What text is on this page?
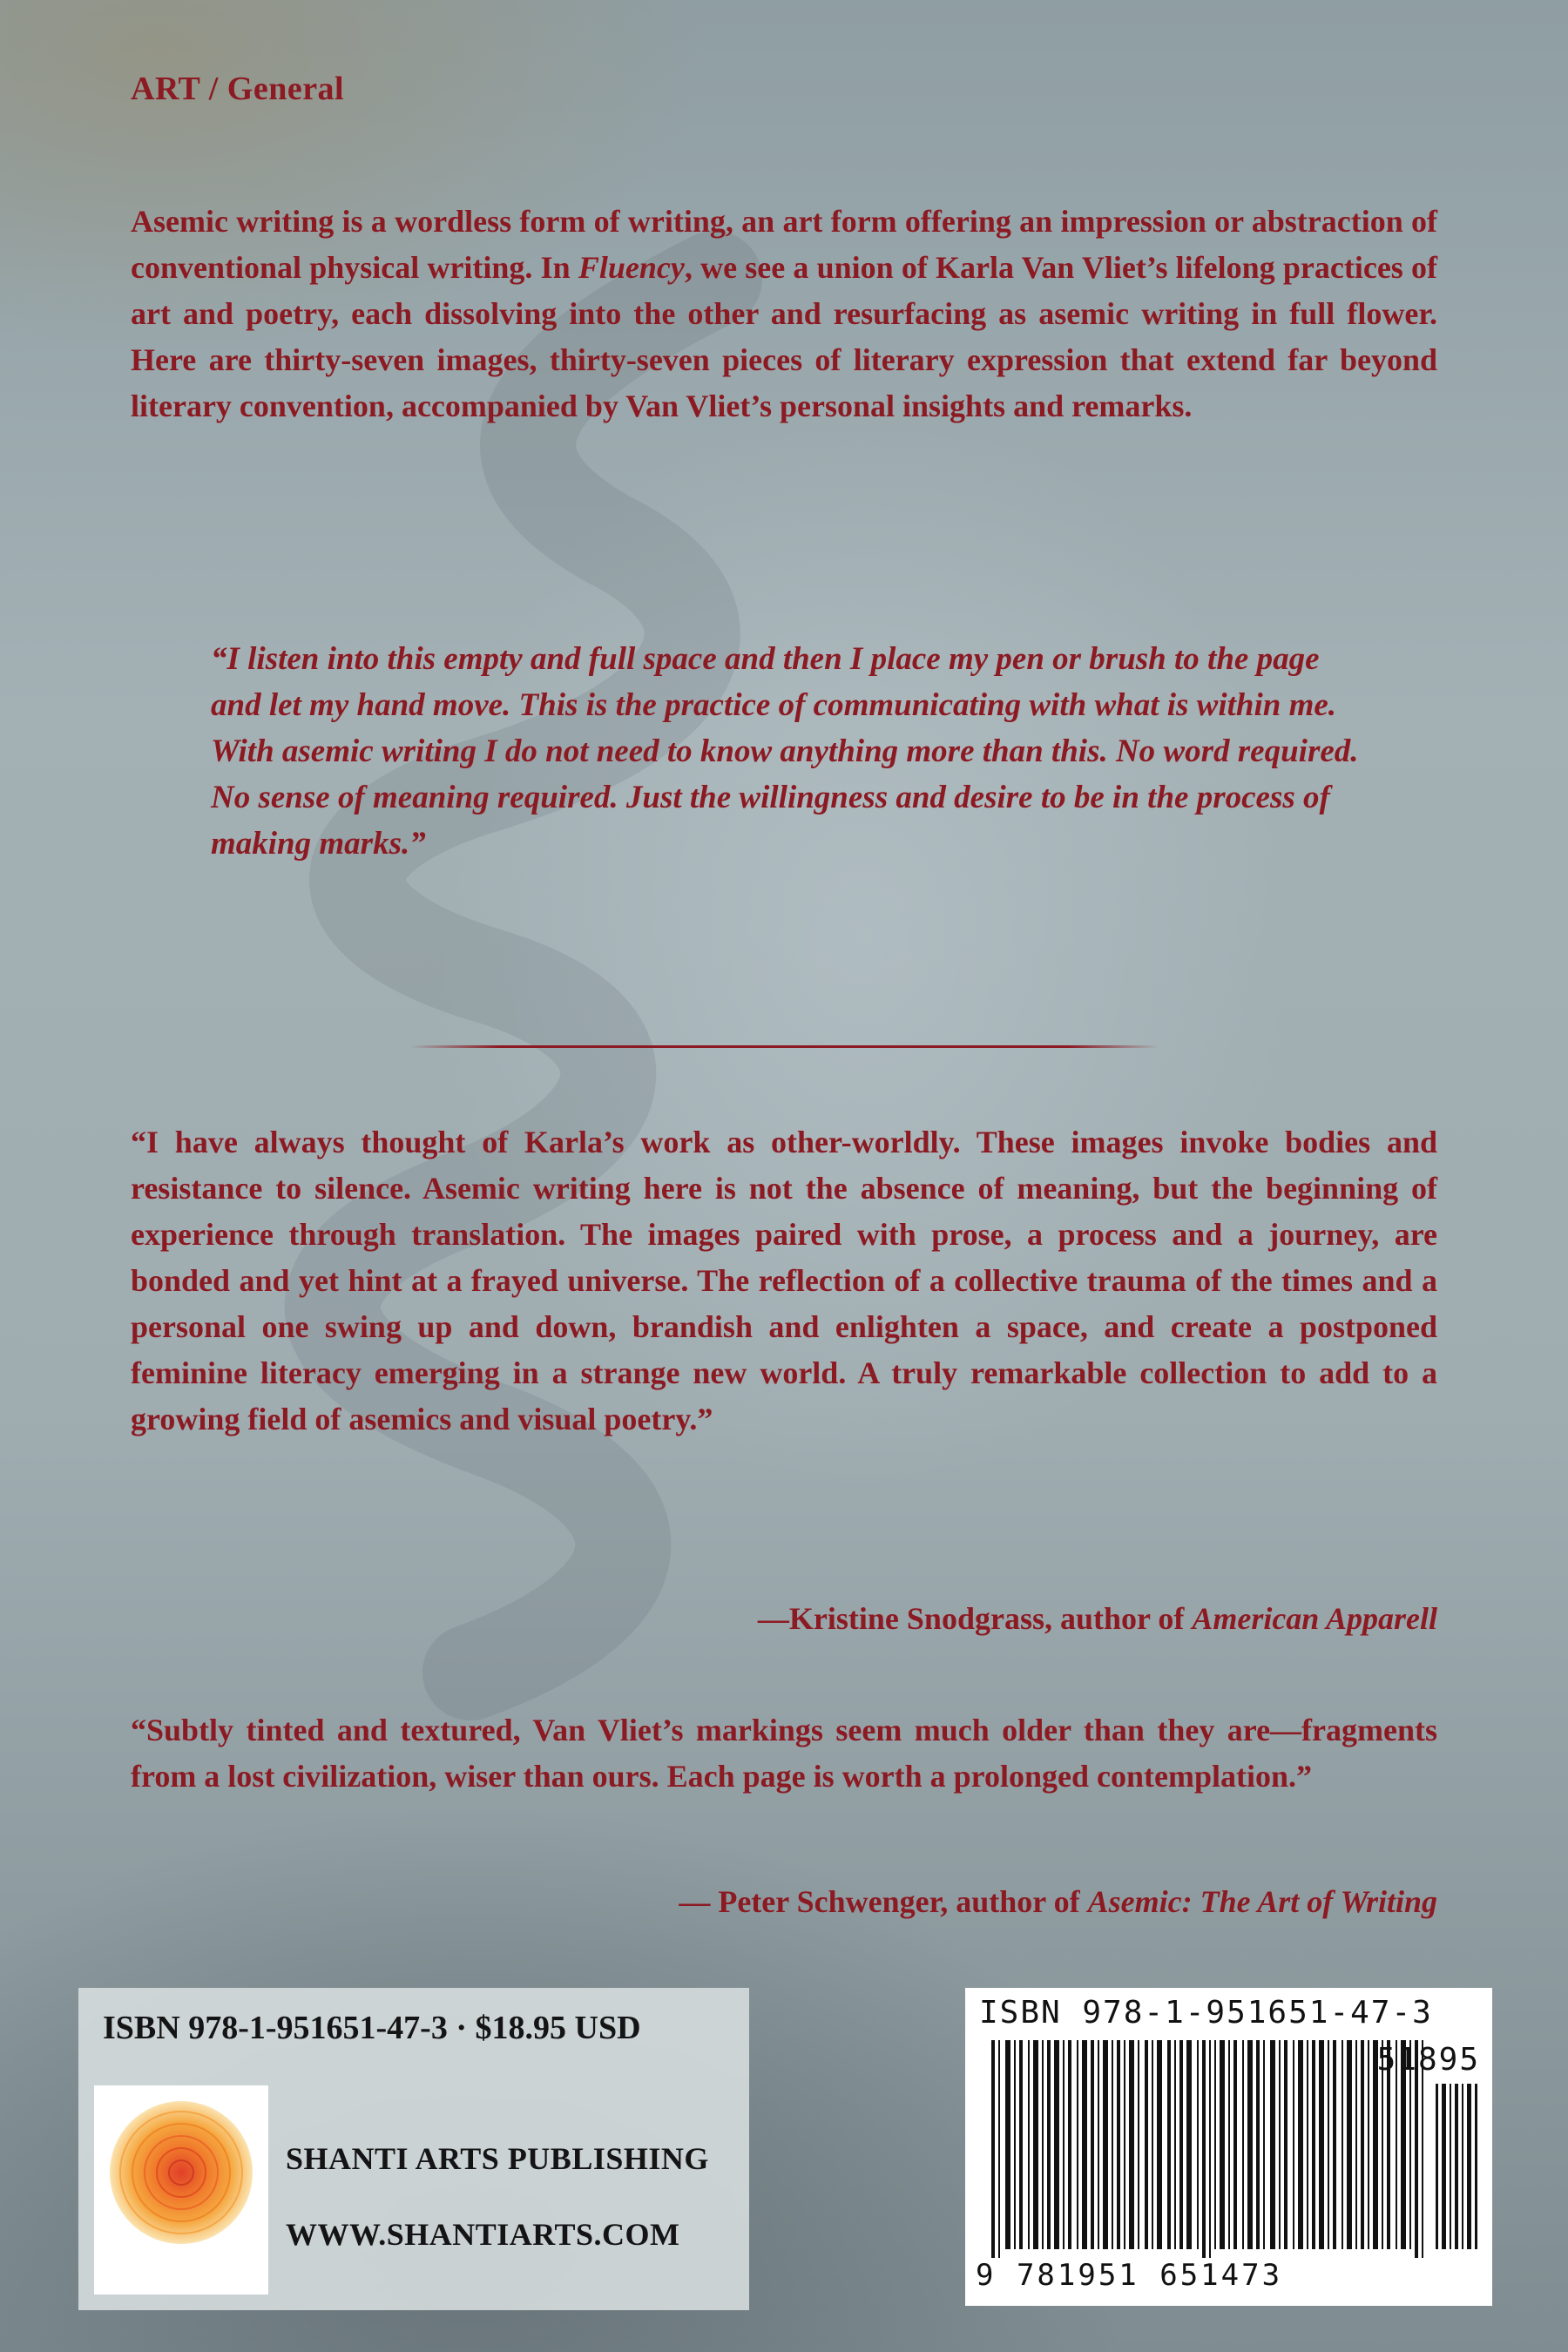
ART / General
Asemic writing is a wordless form of writing, an art form offering an impression or abstraction of conventional physical writing. In Fluency, we see a union of Karla Van Vliet’s lifelong practices of art and poetry, each dissolving into the other and resurfacing as asemic writing in full flower. Here are thirty-seven images, thirty-seven pieces of literary expression that extend far beyond literary convention, accompanied by Van Vliet’s personal insights and remarks.
“I listen into this empty and full space and then I place my pen or brush to the page and let my hand move. This is the practice of communicating with what is within me. With asemic writing I do not need to know anything more than this. No word required. No sense of meaning required. Just the willingness and desire to be in the process of making marks.”
“I have always thought of Karla’s work as other-worldly. These images invoke bodies and resistance to silence. Asemic writing here is not the absence of meaning, but the beginning of experience through translation. The images paired with prose, a process and a journey, are bonded and yet hint at a frayed universe. The reflection of a collective trauma of the times and a personal one swing up and down, brandish and enlighten a space, and create a postponed feminine literacy emerging in a strange new world. A truly remarkable collection to add to a growing field of asemics and visual poetry.”
—Kristine Snodgrass, author of American Apparell
“Subtly tinted and textured, Van Vliet’s markings seem much older than they are—fragments from a lost civilization, wiser than ours. Each page is worth a prolonged contemplation.”
— Peter Schwenger, author of Asemic: The Art of Writing
ISBN 978-1-951651-47-3 · $18.95 USD
SHANTI ARTS PUBLISHING
WWW.SHANTIARTS.COM
ISBN 978-1-951651-47-3
51895
9 781951 651473
